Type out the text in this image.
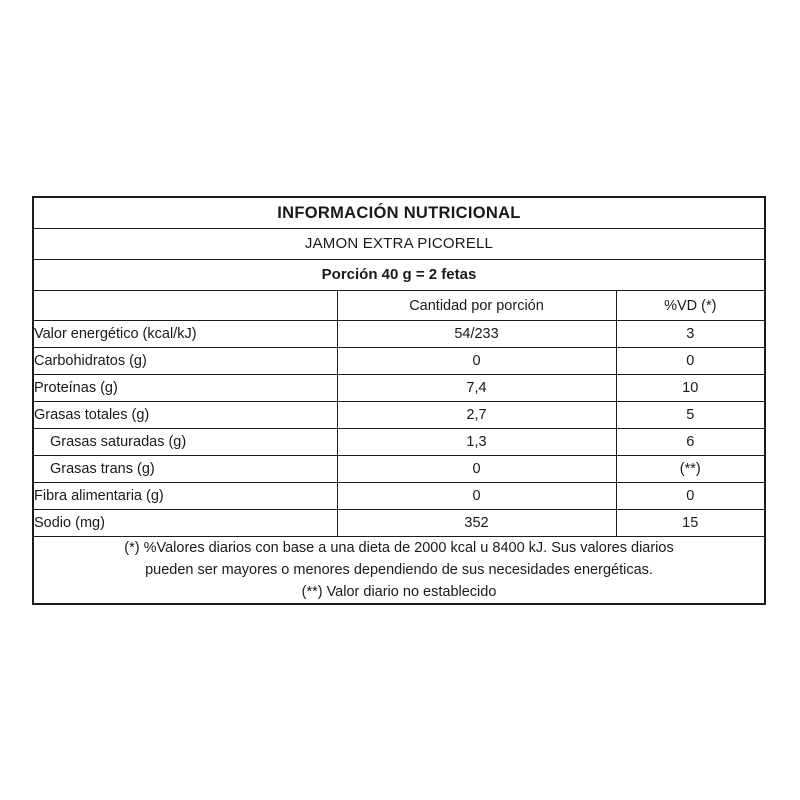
INFORMACIÓN NUTRICIONAL		
JAMON EXTRA PICORELL		
Porción 40 g = 2 fetas		
	Cantidad por porción	%VD (*)
Valor energético (kcal/kJ)	54/233	3
Carbohidratos (g)	0	0
Proteínas (g)	7,4	10
Grasas totales (g)	2,7	5
Grasas saturadas (g)	1,3	6
Grasas trans (g)	0	(**)
Fibra alimentaria (g)	0	0
Sodio (mg)	352	15

(*) %Valores diarios con base a una dieta de 2000 kcal u 8400 kJ. Sus valores diarios
pueden ser mayores o menores dependiendo de sus necesidades energéticas.
(**) Valor diario no establecido		
